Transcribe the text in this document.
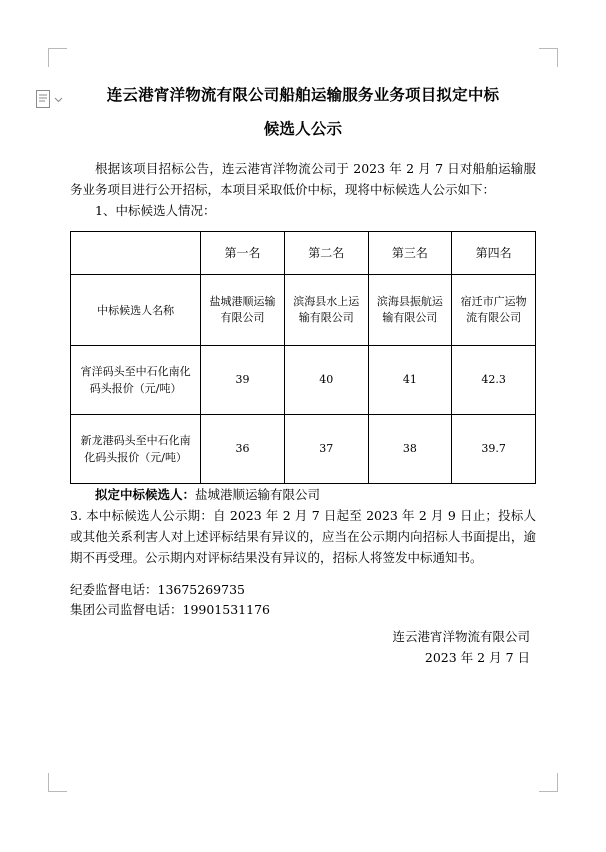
连云港宵洋物流有限公司船舶运输服务业务项目拟定中标
候选人公示

根据该项目招标公告，连云港宵洋物流公司于 2023 年 2 月 7 日对船舶运输服务业务项目进行公开招标，本项目采取低价中标，现将中标候选人公示如下：

1、中标候选人情况：

	第一名	第二名	第三名	第四名
中标候选人名称	盐城港顺运输有限公司	滨海县水上运输有限公司	滨海县振航运输有限公司	宿迁市广运物流有限公司
宵洋码头至中石化南化码头报价（元/吨）	39	40	41	42.3
新龙港码头至中石化南化码头报价（元/吨）	36	37	38	39.7

拟定中标候选人：盐城港顺运输有限公司

3. 本中标候选人公示期：自 2023 年 2 月 7 日起至 2023 年 2 月 9 日止；投标人或其他关系利害人对上述评标结果有异议的，应当在公示期内向招标人书面提出，逾期不再受理。公示期内对评标结果没有异议的，招标人将签发中标通知书。

纪委监督电话：13675269735
集团公司监督电话：19901531176
连云港宵洋物流有限公司
2023 年 2 月 7 日
